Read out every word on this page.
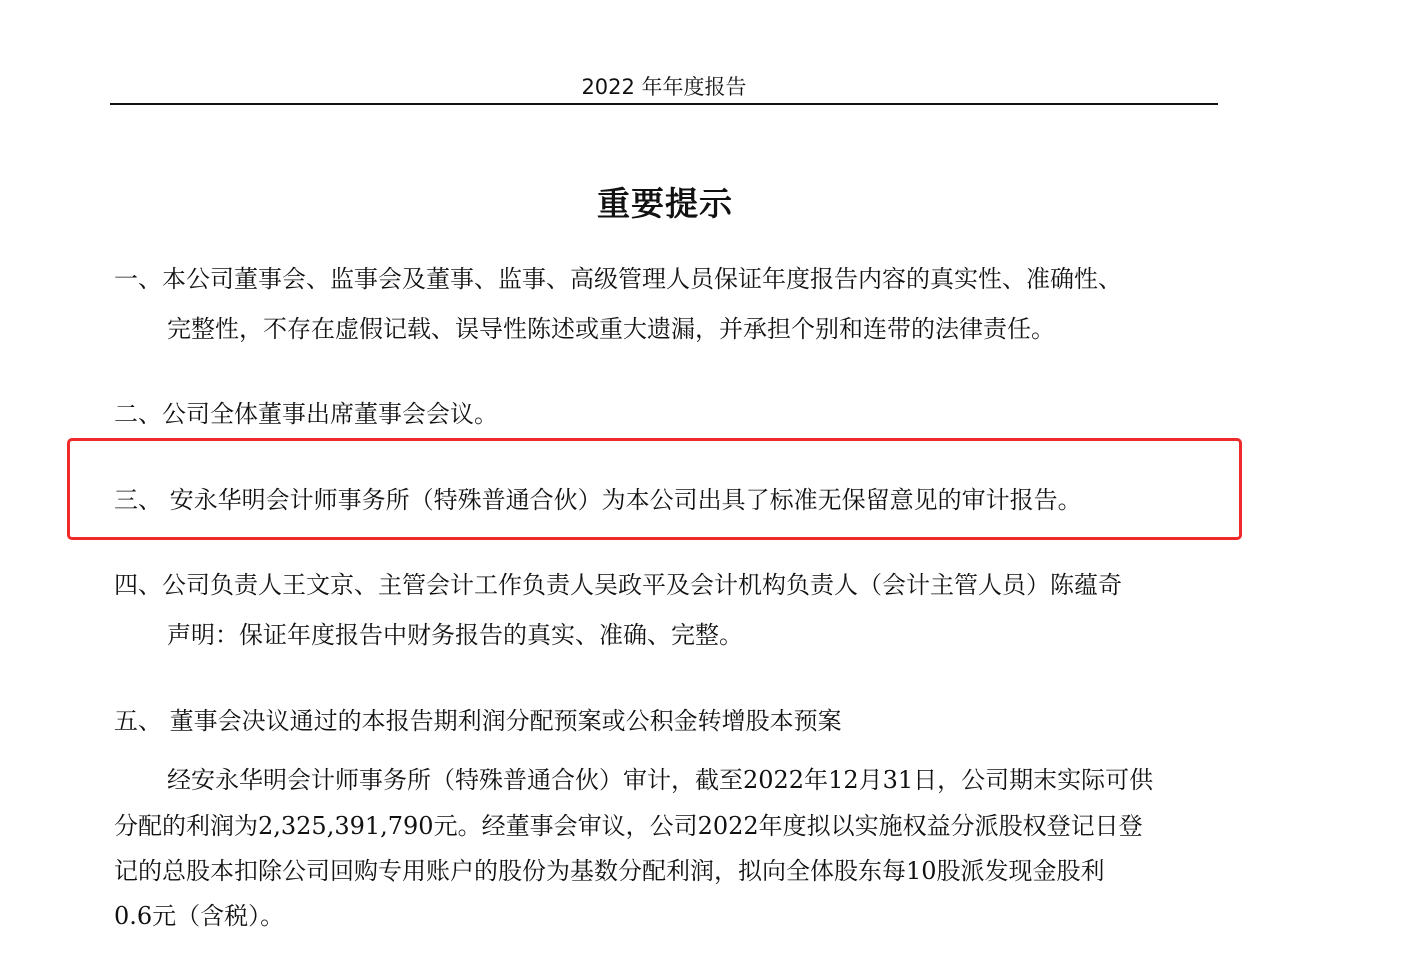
2022 年年度报告
重要提示
一、本公司董事会、监事会及董事、监事、高级管理人员保证年度报告内容的真实性、准确性、
完整性，不存在虚假记载、误导性陈述或重大遗漏，并承担个别和连带的法律责任。
二、公司全体董事出席董事会会议。
三、 安永华明会计师事务所（特殊普通合伙）为本公司出具了标准无保留意见的审计报告。
四、公司负责人王文京、主管会计工作负责人吴政平及会计机构负责人（会计主管人员）陈蕴奇
声明：保证年度报告中财务报告的真实、准确、完整。
五、 董事会决议通过的本报告期利润分配预案或公积金转增股本预案
经安永华明会计师事务所（特殊普通合伙）审计，截至2022年12月31日，公司期末实际可供
分配的利润为2,325,391,790元。经董事会审议，公司2022年度拟以实施权益分派股权登记日登
记的总股本扣除公司回购专用账户的股份为基数分配利润，拟向全体股东每10股派发现金股利
0.6元（含税）。
